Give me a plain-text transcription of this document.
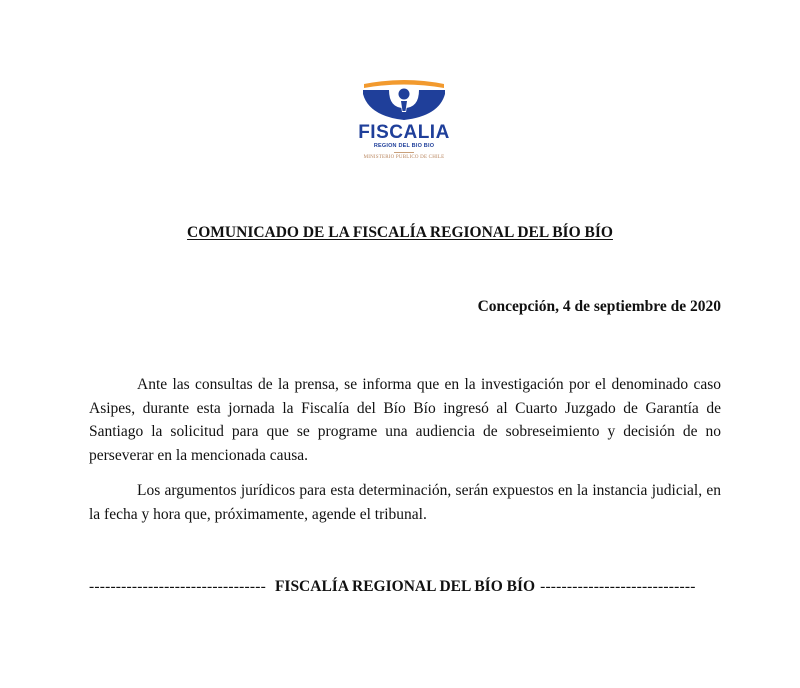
FISCALIA
REGION DEL BIO BIO
MINISTERIO PUBLICO DE CHILE
COMUNICADO DE LA FISCALÍA REGIONAL DEL BÍO BÍO
Concepción, 4 de septiembre de 2020

Ante las consultas de la prensa, se informa que en la investigación por el denominado caso Asipes, durante esta jornada la Fiscalía del Bío Bío ingresó al Cuarto Juzgado de Garantía de Santiago la solicitud para que se programe una audiencia de sobreseimiento y decisión de no perseverar en la mencionada causa.

Los argumentos jurídicos para esta determinación, serán expuestos en la instancia judicial, en la fecha y hora que, próximamente, agende el tribunal.

--------------------------------- FISCALÍA REGIONAL DEL BÍO BÍO -----------------------------
